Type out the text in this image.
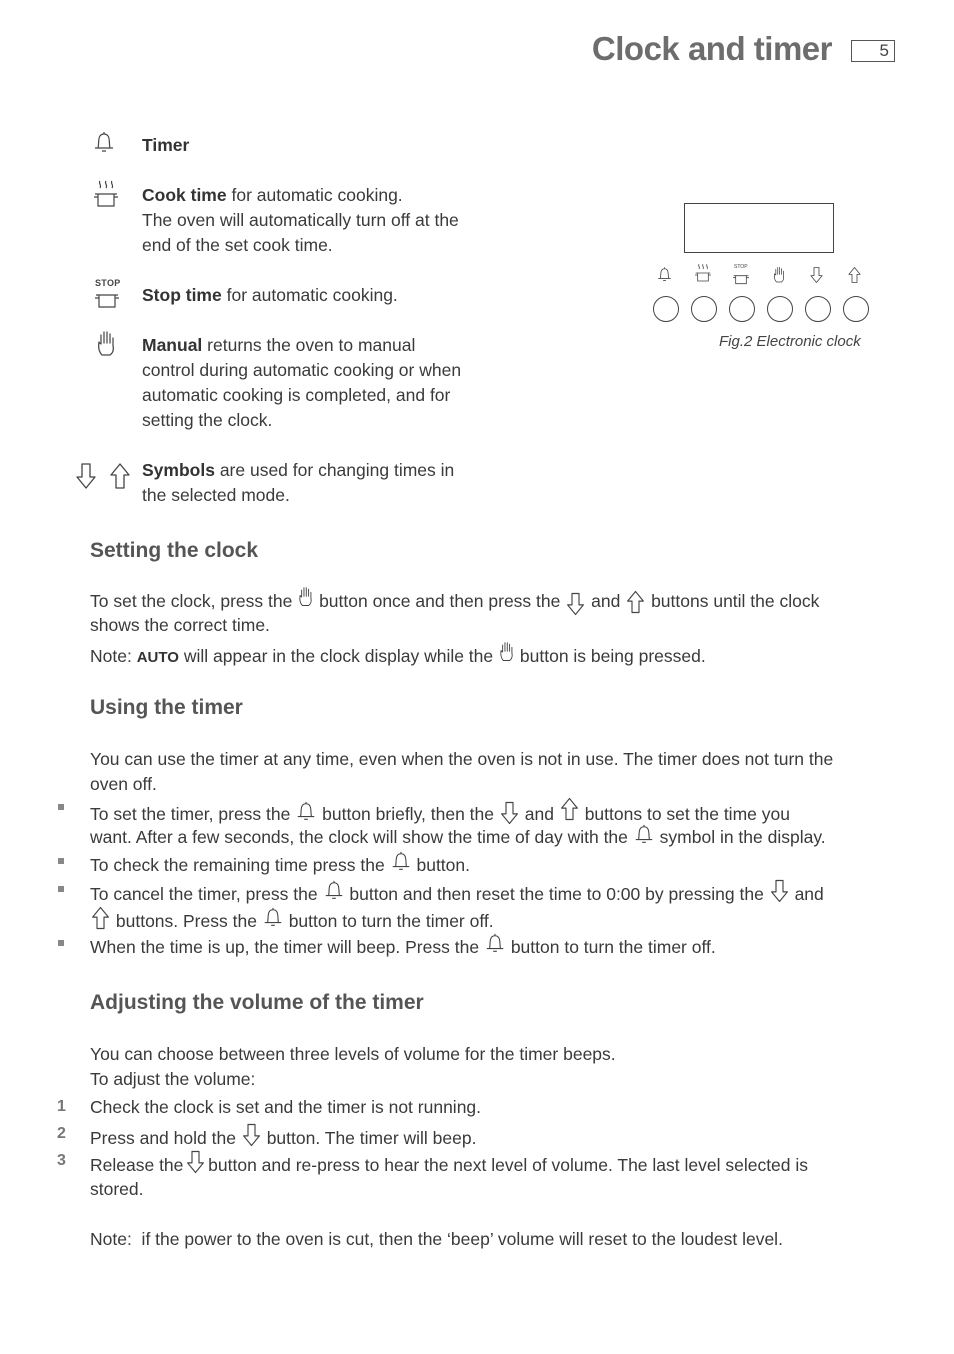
Clock and timer	5
Timer
Cook time for automatic cooking.
The oven will automatically turn off at the
end of the set cook time.
STOP
Stop time for automatic cooking.
Manual returns the oven to manual
control during automatic cooking or when
automatic cooking is completed, and for
setting the clock.
Symbols are used for changing times in
the selected mode.
STOP
Fig.2 Electronic clock
Setting the clock
To set the clock, press the button once and then press the and buttons until the clock
shows the correct time.
Note: AUTO will appear in the clock display while the button is being pressed.
Using the timer
You can use the timer at any time, even when the oven is not in use. The timer does not turn the
oven off.
To set the timer, press the button briefly, then the and buttons to set the time you
want. After a few seconds, the clock will show the time of day with the symbol in the display.
To check the remaining time press the button.
To cancel the timer, press the button and then reset the time to 0:00 by pressing the and
buttons. Press the button to turn the timer off.
When the time is up, the timer will beep. Press the button to turn the timer off.
Adjusting the volume of the timer
You can choose between three levels of volume for the timer beeps.
To adjust the volume:
1 Check the clock is set and the timer is not running.
2 Press and hold the button. The timer will beep.
3 Release the button and re-press to hear the next level of volume. The last level selected is
stored.
Note:  if the power to the oven is cut, then the ‘beep’ volume will reset to the loudest level.
